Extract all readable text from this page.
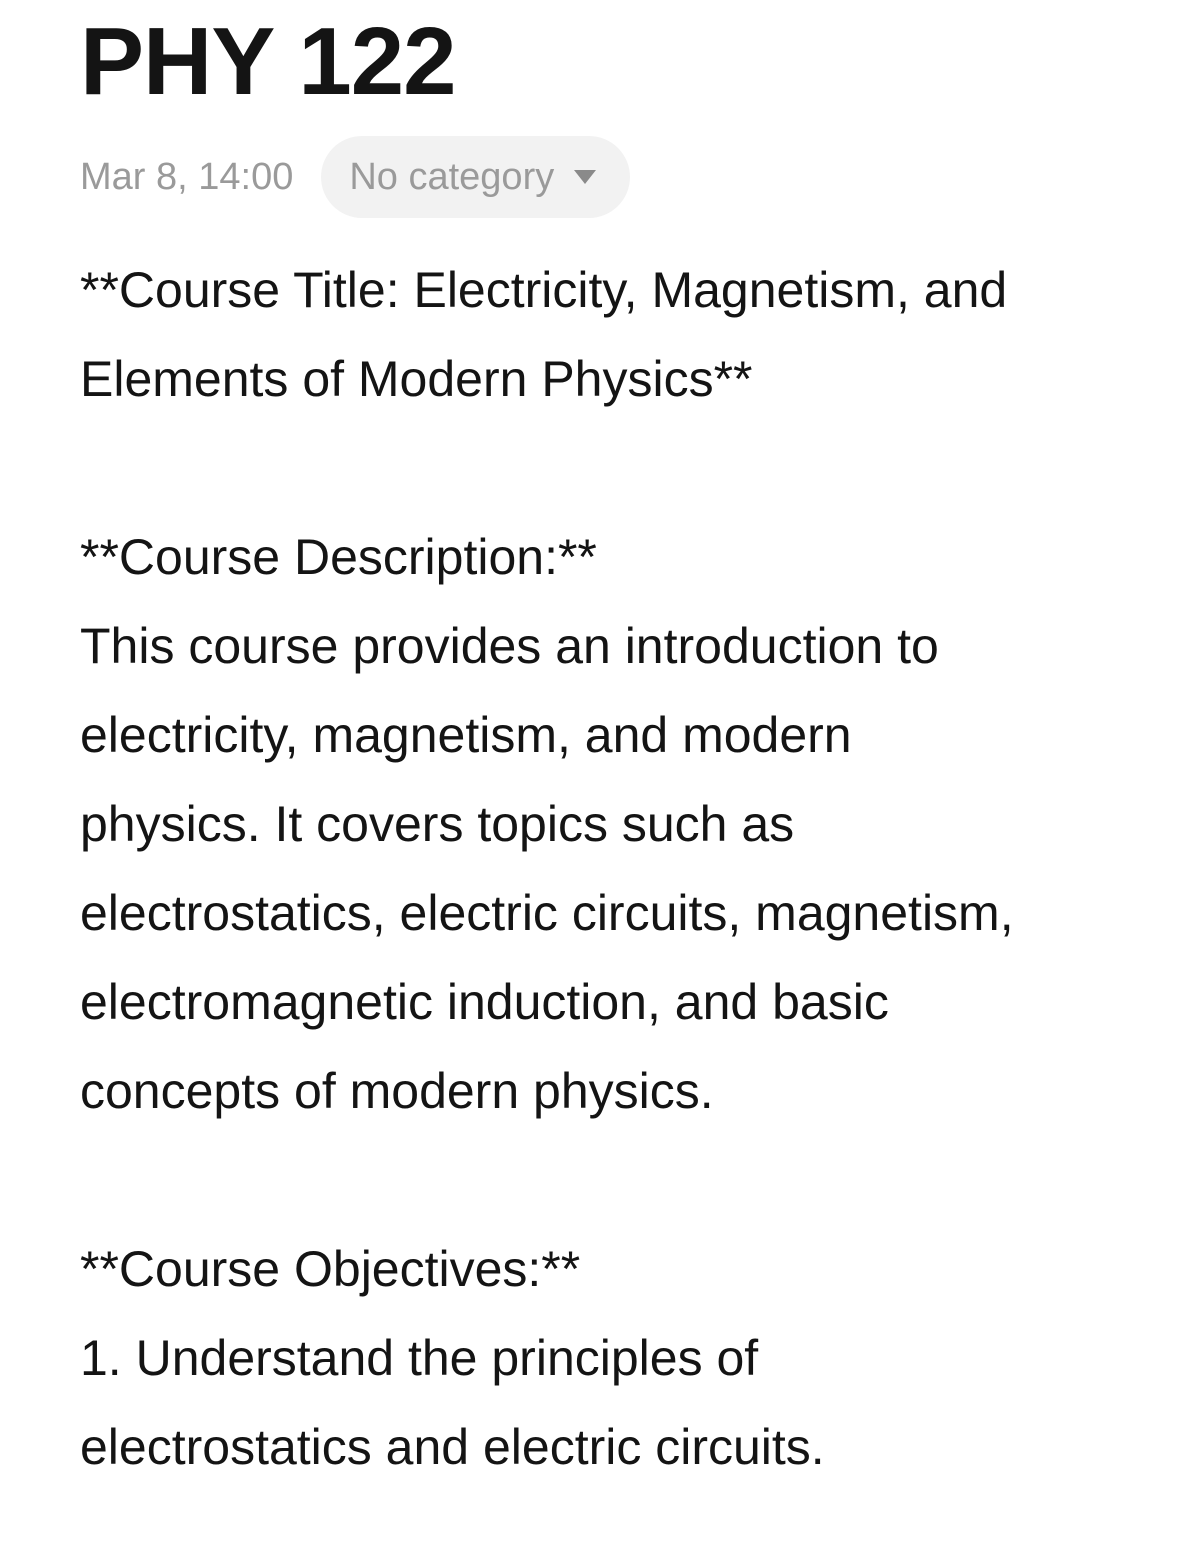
PHY 122
Mar 8, 14:00 No category
**Course Title: Electricity, Magnetism, and
Elements of Modern Physics**
**Course Description:**
This course provides an introduction to
electricity, magnetism, and modern
physics. It covers topics such as
electrostatics, electric circuits, magnetism,
electromagnetic induction, and basic
concepts of modern physics.
**Course Objectives:**
1. Understand the principles of
electrostatics and electric circuits.
